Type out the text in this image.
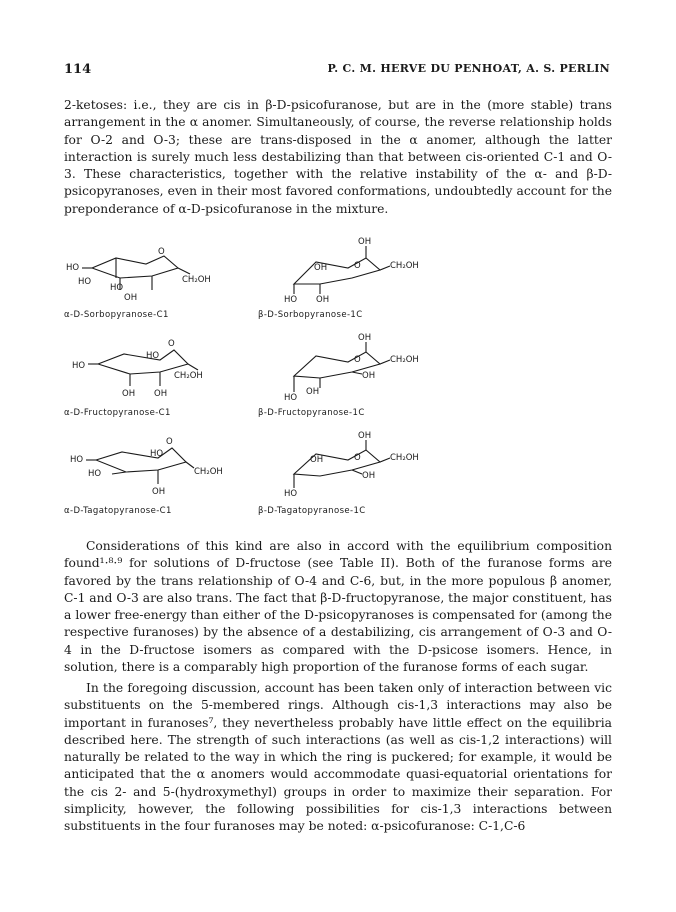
114	P. C. M. HERVE DU PENHOAT, A. S. PERLIN

2-ketoses: i.e., they are cis in β-D-psicofuranose, but are in the (more stable) trans arrangement in the α anomer. Simultaneously, of course, the reverse relationship holds for O-2 and O-3; these are trans-disposed in the α anomer, although the latter interaction is surely much less destabilizing than that between cis-oriented C-1 and O-3. These characteristics, together with the relative instability of the α- and β-D-psicopyranoses, even in their most favored conformations, undoubtedly account for the preponderance of α-D-psicofuranose in the mixture.

HO
HO
O
CH₂OH
HO
OH
α-D-Sorbopyranose-C1
OH
OH	O	CH₂OH
HO OH
β-D-Sorbopyranose-1C
HO
HO
O
CH₂OH
OH OH
α-D-Fructopyranose-C1
OH
O	CH₂OH
OH
HO
OH
β-D-Fructopyranose-1C
HO
HO
HO
O
CH₂OH
OH
α-D-Tagatopyranose-C1
OH
OH	O	CH₂OH
OH
HO
β-D-Tagatopyranose-1C

Considerations of this kind are also in accord with the equilibrium composition found¹·⁸·⁹ for solutions of D-fructose (see Table II). Both of the furanose forms are favored by the trans relationship of O-4 and C-6, but, in the more populous β anomer, C-1 and O-3 are also trans. The fact that β-D-fructopyranose, the major constituent, has a lower free-energy than either of the D-psicopyranoses is compensated for (among the respective furanoses) by the absence of a destabilizing, cis arrangement of O-3 and O-4 in the D-fructose isomers as compared with the D-psicose isomers. Hence, in solution, there is a comparably high proportion of the furanose forms of each sugar.

In the foregoing discussion, account has been taken only of interaction between vic substituents on the 5-membered rings. Although cis-1,3 interactions may also be important in furanoses⁷, they nevertheless probably have little effect on the equilibria described here. The strength of such interactions (as well as cis-1,2 interactions) will naturally be related to the way in which the ring is puckered; for example, it would be anticipated that the α anomers would accommodate quasi-equatorial orientations for the cis 2- and 5-(hydroxymethyl) groups in order to maximize their separation. For simplicity, however, the following possibilities for cis-1,3 interactions between substituents in the four furanoses may be noted: α-psicofuranose: C-1,C-6
